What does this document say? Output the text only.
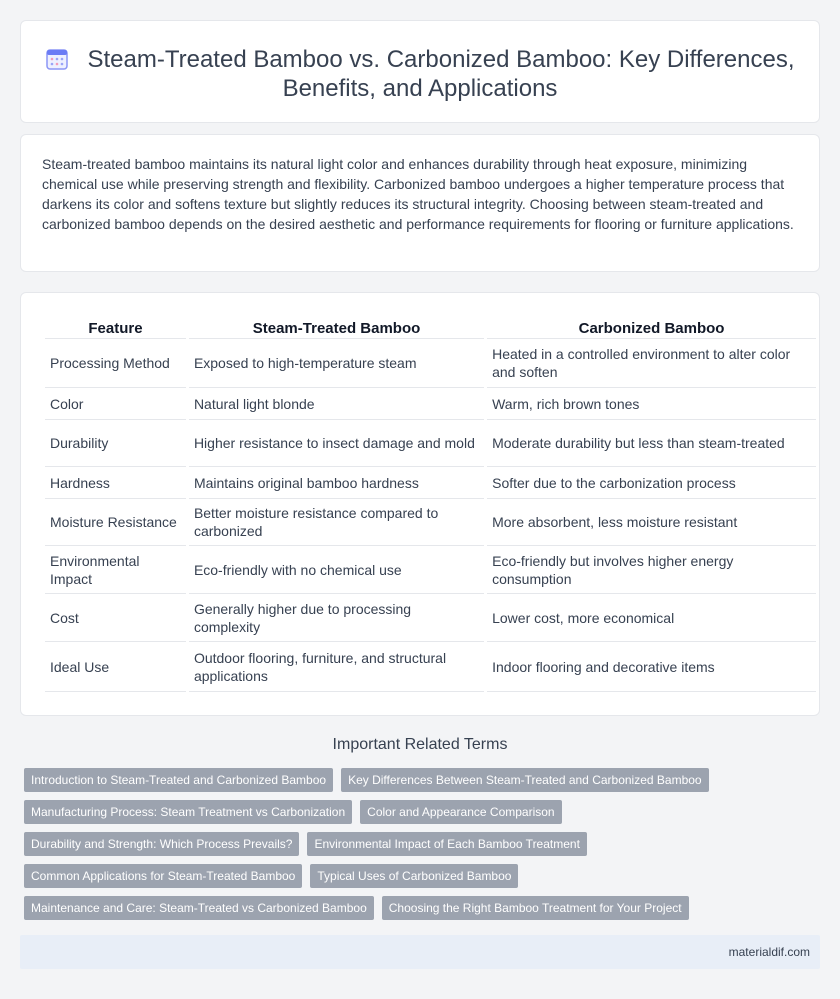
Steam-Treated Bamboo vs. Carbonized Bamboo: Key Differences, Benefits, and Applications

Steam-treated bamboo maintains its natural light color and enhances durability through heat exposure, minimizing chemical use while preserving strength and flexibility. Carbonized bamboo undergoes a higher temperature process that darkens its color and softens texture but slightly reduces its structural integrity. Choosing between steam-treated and carbonized bamboo depends on the desired aesthetic and performance requirements for flooring or furniture applications.

Feature	Steam-Treated Bamboo	Carbonized Bamboo
Processing Method	Exposed to high-temperature steam	Heated in a controlled environment to alter color and soften
Color	Natural light blonde	Warm, rich brown tones
Durability	Higher resistance to insect damage and mold	Moderate durability but less than steam-treated
Hardness	Maintains original bamboo hardness	Softer due to the carbonization process
Moisture Resistance	Better moisture resistance compared to carbonized	More absorbent, less moisture resistant
Environmental Impact	Eco-friendly with no chemical use	Eco-friendly but involves higher energy consumption
Cost	Generally higher due to processing complexity	Lower cost, more economical
Ideal Use	Outdoor flooring, furniture, and structural applications	Indoor flooring and decorative items
Important Related Terms
Introduction to Steam-Treated and Carbonized Bamboo	Key Differences Between Steam-Treated and Carbonized Bamboo
Manufacturing Process: Steam Treatment vs Carbonization	Color and Appearance Comparison
Durability and Strength: Which Process Prevails?	Environmental Impact of Each Bamboo Treatment
Common Applications for Steam-Treated Bamboo	Typical Uses of Carbonized Bamboo
Maintenance and Care: Steam-Treated vs Carbonized Bamboo	Choosing the Right Bamboo Treatment for Your Project
materialdif.com
